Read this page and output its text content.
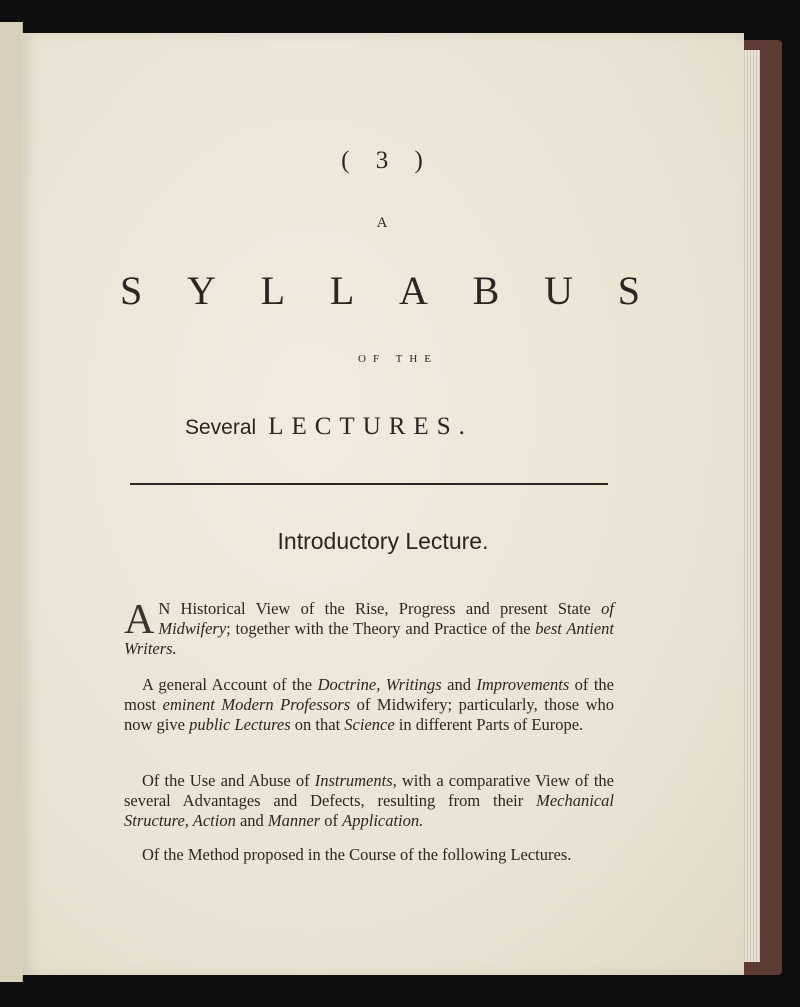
( 3 )
A
S Y L L A B U S
OF THE
Several LECTURES.
Introductory Lecture.
A N Historical View of the Rise, Progress and present State of Midwifery; together with the Theory and Practice of the best Antient Writers.
A general Account of the Doctrine, Writings and Improvements of the most eminent Modern Professors of Midwifery; particularly, those who now give public Lectures on that Science in different Parts of Europe.
Of the Use and Abuse of Instruments, with a comparative View of the several Advantages and Defects, resulting from their Mechanical Structure, Action and Manner of Application.
Of the Method proposed in the Course of the following Lectures.
